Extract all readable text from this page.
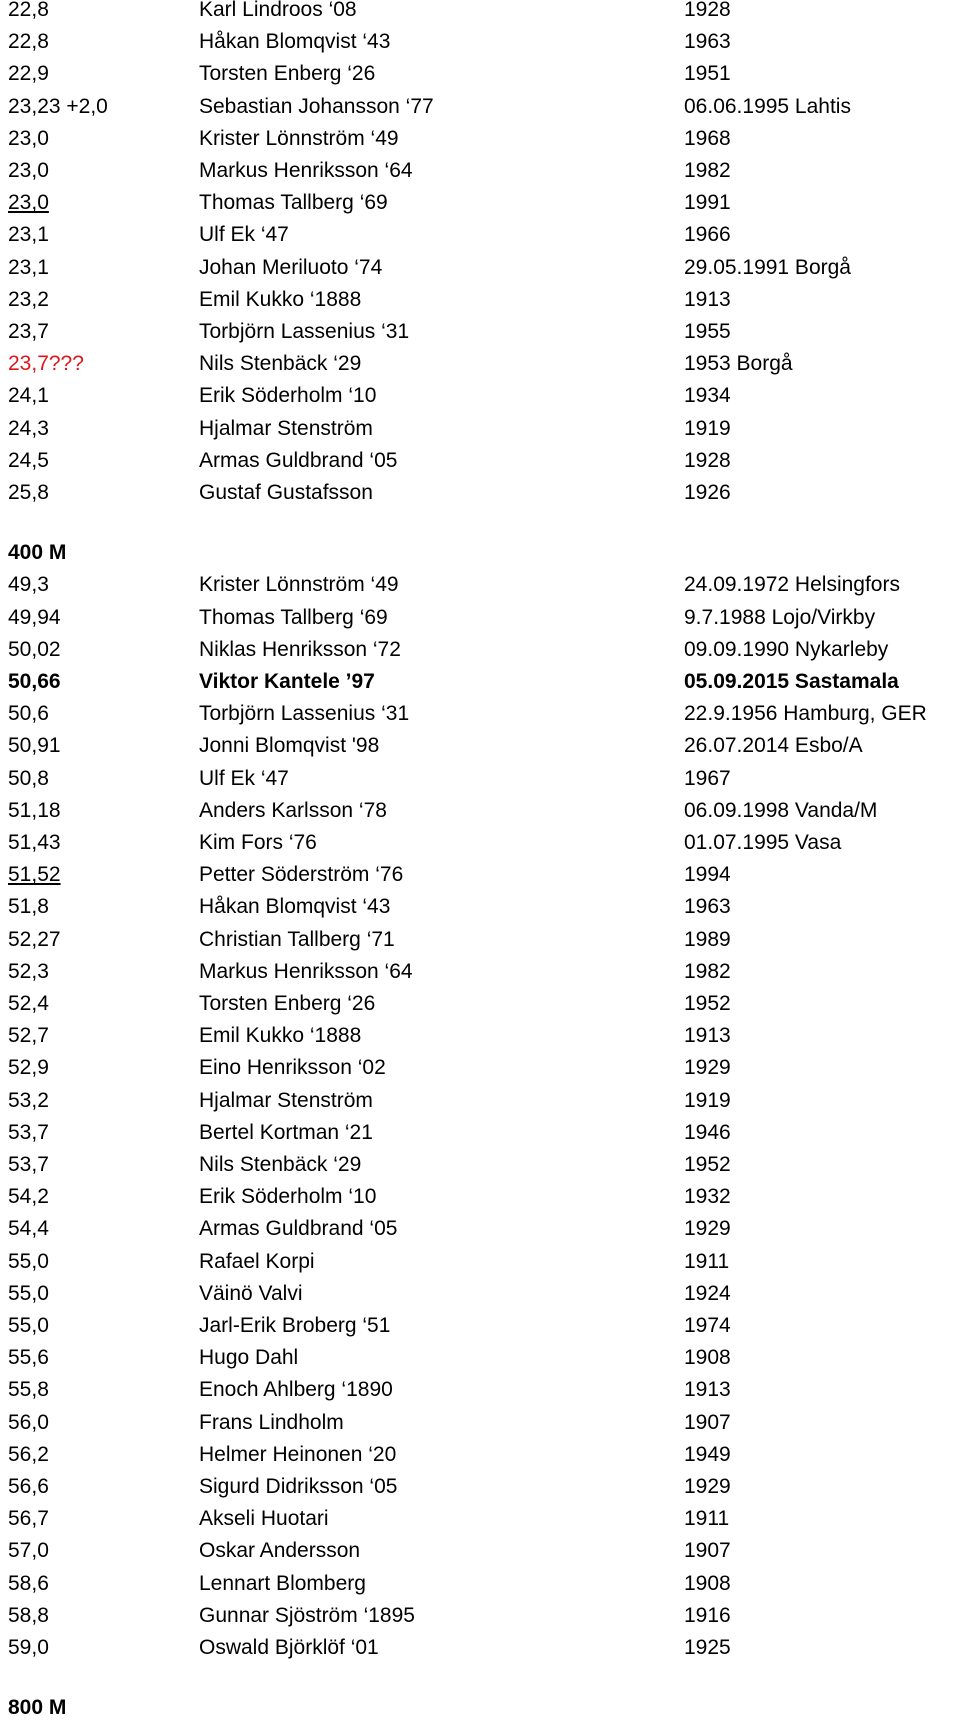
22,8	Karl Lindroos ‘08	1928
22,8	Håkan Blomqvist ‘43	1963
22,9	Torsten Enberg ‘26	1951
23,23 +2,0	Sebastian Johansson ‘77	06.06.1995 Lahtis
23,0	Krister Lönnström ‘49	1968
23,0	Markus Henriksson ‘64	1982
23,0	Thomas Tallberg ‘69	1991
23,1	Ulf Ek ‘47	1966
23,1	Johan Meriluoto ‘74	29.05.1991 Borgå
23,2	Emil Kukko ‘1888	1913
23,7	Torbjörn Lassenius ‘31	1955
23,7???	Nils Stenbäck ‘29	1953 Borgå
24,1	Erik Söderholm ‘10	1934
24,3	Hjalmar Stenström	1919
24,5	Armas Guldbrand ‘05	1928
25,8	Gustaf Gustafsson	1926
400 M
49,3	Krister Lönnström ‘49	24.09.1972 Helsingfors
49,94	Thomas Tallberg ‘69	9.7.1988 Lojo/Virkby
50,02	Niklas Henriksson ‘72	09.09.1990 Nykarleby
50,66	Viktor Kantele ’97	05.09.2015 Sastamala
50,6	Torbjörn Lassenius ‘31	22.9.1956 Hamburg, GER
50,91	Jonni Blomqvist '98	26.07.2014 Esbo/A
50,8	Ulf Ek ‘47	1967
51,18	Anders Karlsson ‘78	06.09.1998 Vanda/M
51,43	Kim Fors ‘76	01.07.1995 Vasa
51,52	Petter Söderström ‘76	1994
51,8	Håkan Blomqvist ‘43	1963
52,27	Christian Tallberg ‘71	1989
52,3	Markus Henriksson ‘64	1982
52,4	Torsten Enberg ‘26	1952
52,7	Emil Kukko ‘1888	1913
52,9	Eino Henriksson ‘02	1929
53,2	Hjalmar Stenström	1919
53,7	Bertel Kortman ‘21	1946
53,7	Nils Stenbäck ‘29	1952
54,2	Erik Söderholm ‘10	1932
54,4	Armas Guldbrand ‘05	1929
55,0	Rafael Korpi	1911
55,0	Väinö Valvi	1924
55,0	Jarl-Erik Broberg ‘51	1974
55,6	Hugo Dahl	1908
55,8	Enoch Ahlberg ‘1890	1913
56,0	Frans Lindholm	1907
56,2	Helmer Heinonen ‘20	1949
56,6	Sigurd Didriksson ‘05	1929
56,7	Akseli Huotari	1911
57,0	Oskar Andersson	1907
58,6	Lennart Blomberg	1908
58,8	Gunnar Sjöström ‘1895	1916
59,0	Oswald Björklöf ‘01	1925
800 M
